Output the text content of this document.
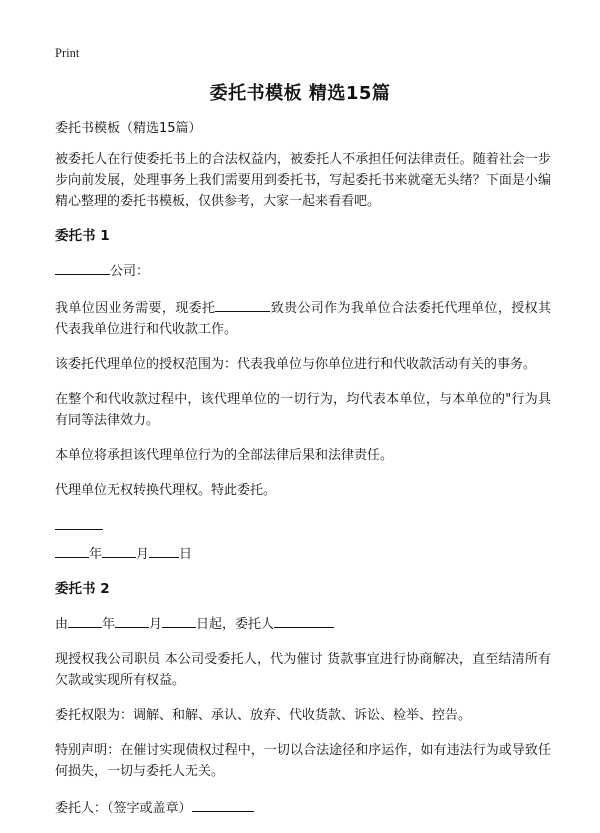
Print
委托书模板 精选15篇

委托书模板（精选15篇）

被委托人在行使委托书上的合法权益内，被委托人不承担任何法律责任。随着社会一步步向前发展，处理事务上我们需要用到委托书，写起委托书来就毫无头绪？下面是小编精心整理的委托书模板，仅供参考，大家一起来看看吧。

委托书 1

公司：

我单位因业务需要，现委托	致贵公司作为我单位合法委托代理单位，授权其代表我单位进行和代收款工作。

该委托代理单位的授权范围为：代表我单位与你单位进行和代收款活动有关的事务。

在整个和代收款过程中，该代理单位的一切行为，均代表本单位，与本单位的"行为具有同等法律效力。

本单位将承担该代理单位行为的全部法律后果和法律责任。

代理单位无权转换代理权。特此委托。

年	月 日

委托书 2

由	年	月	日起，委托人

现授权我公司职员 本公司受委托人，代为催讨 货款事宜进行协商解决，直至结清所有欠款或实现所有权益。

委托权限为：调解、和解、承认、放弃、代收货款、诉讼、检举、控告。

特别声明：在催讨实现债权过程中，一切以合法途径和序运作，如有违法行为或导致任何损失，一切与委托人无关。

委托人：（签字或盖章）
